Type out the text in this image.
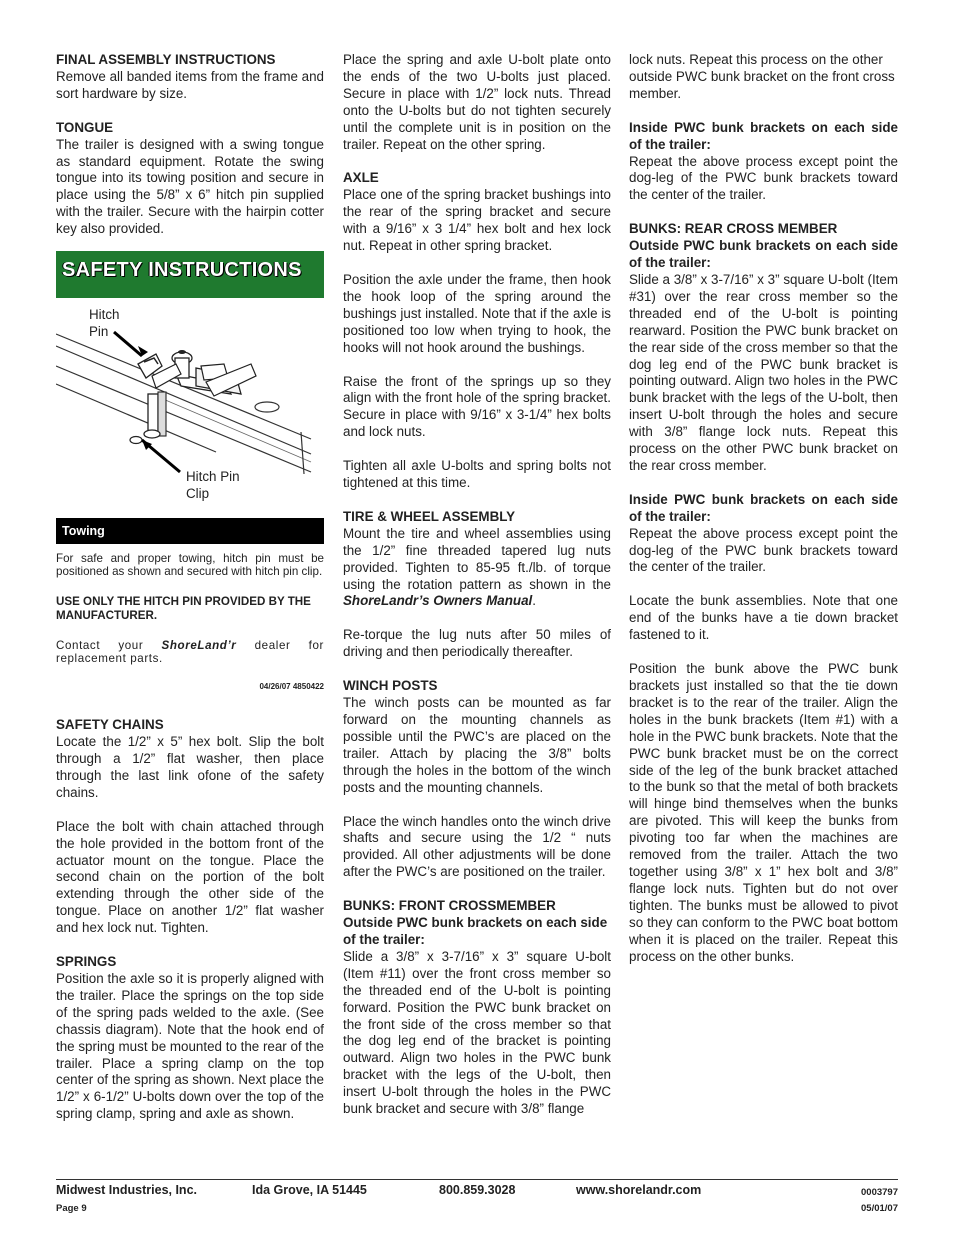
FINAL ASSEMBLY INSTRUCTIONS

Remove all banded items from the frame and sort hardware by size.

TONGUE

The trailer is designed with a swing tongue as standard equipment. Rotate the swing tongue into its towing position and secure in place using the 5/8” x 6” hitch pin supplied with the trailer. Secure with the hairpin cotter key also provided.

SAFETY INSTRUCTIONS
Hitch Pin
Hitch Pin Clip
Towing

For safe and proper towing, hitch pin must be positioned as shown and secured with hitch pin clip.

USE ONLY THE HITCH PIN PROVIDED BY THE MANUFACTURER.

Contact your ShoreLand’r dealer for replacement parts.

04/26/07 4850422
SAFETY CHAINS

Locate the 1/2” x 5” hex bolt. Slip the bolt through a 1/2” flat washer, then place through the last link ofone of the safety chains.

Place the bolt with chain attached through the hole provided in the bottom front of the actuator mount on the tongue. Place the second chain on the portion of the bolt extending through the other side of the tongue. Place on another 1/2” flat washer and hex lock nut. Tighten.

SPRINGS

Position the axle so it is properly aligned with the trailer. Place the springs on the top side of the spring pads welded to the axle. (See chassis diagram). Note that the hook end of the spring must be mounted to the rear of the trailer. Place a spring clamp on the top center of the spring as shown. Next place the 1/2” x 6-1/2” U-bolts down over the top of the spring clamp, spring and axle as shown.

Place the spring and axle U-bolt plate onto the ends of the two U-bolts just placed. Secure in place with 1/2” lock nuts. Thread onto the U-bolts but do not tighten securely until the complete unit is in position on the trailer. Repeat on the other spring.

AXLE

Place one of the spring bracket bushings into the rear of the spring bracket and secure with a 9/16” x 3 1/4” hex bolt and hex lock nut. Repeat in other spring bracket.

Position the axle under the frame, then hook the hook loop of the spring around the bushings just installed. Note that if the axle is positioned too low when trying to hook, the hooks will not hook around the bushings.

Raise the front of the springs up so they align with the front hole of the spring bracket. Secure in place with 9/16” x 3-1/4” hex bolts and lock nuts.

Tighten all axle U-bolts and spring bolts not tightened at this time.

TIRE & WHEEL ASSEMBLY

Mount the tire and wheel assemblies using the 1/2” fine threaded tapered lug nuts provided. Tighten to 85-95 ft./lb. of torque using the rotation pattern as shown in the ShoreLandr’s Owners Manual.

Re-torque the lug nuts after 50 miles of driving and then periodically thereafter.

WINCH POSTS

The winch posts can be mounted as far forward on the mounting channels as possible until the PWC’s are placed on the trailer. Attach by placing the 3/8” bolts through the holes in the bottom of the winch posts and the mounting channels.

Place the winch handles onto the winch drive shafts and secure using the 1/2 “ nuts provided. All other adjustments will be done after the PWC’s are positioned on the trailer.

BUNKS: FRONT CROSSMEMBER

Outside PWC bunk brackets on each side of the trailer:

Slide a 3/8” x 3-7/16” x 3” square U-bolt (Item #11) over the front cross member so the threaded end of the U-bolt is pointing forward. Position the PWC bunk bracket on the front side of the cross member so that the dog leg end of the bracket is pointing outward. Align two holes in the PWC bunk bracket with the legs of the U-bolt, then insert U-bolt through the holes in the PWC bunk bracket and secure with 3/8” flange

lock nuts. Repeat this process on the other outside PWC bunk bracket on the front cross member.

Inside PWC bunk brackets on each side of the trailer:

Repeat the above process except point the dog-leg of the PWC bunk brackets toward the center of the trailer.

BUNKS: REAR CROSS MEMBER

Outside PWC bunk brackets on each side of the trailer:

Slide a 3/8” x 3-7/16” x 3” square U-bolt (Item #31) over the rear cross member so the threaded end of the U-bolt is pointing rearward. Position the PWC bunk bracket on the rear side of the cross member so that the dog leg end of the PWC bunk bracket is pointing outward. Align two holes in the PWC bunk bracket with the legs of the U-bolt, then insert U-bolt through the holes and secure with 3/8” flange lock nuts. Repeat this process on the other PWC bunk bracket on the rear cross member.

Inside PWC bunk brackets on each side of the trailer:

Repeat the above process except point the dog-leg of the PWC bunk brackets toward the center of the trailer.

Locate the bunk assemblies. Note that one end of the bunks have a tie down bracket fastened to it.

Position the bunk above the PWC bunk brackets just installed so that the tie down bracket is to the rear of the trailer. Align the holes in the bunk brackets (Item #1) with a hole in the PWC bunk brackets. Note that the PWC bunk bracket must be on the correct side of the leg of the bunk bracket attached to the bunk so that the metal of both brackets will hinge bind themselves when the bunks are pivoted. This will keep the bunks from pivoting too far when the machines are removed from the trailer. Attach the two together using 3/8” x 1” hex bolt and 3/8” flange lock nuts. Tighten but do not over tighten. The bunks must be allowed to pivot so they can conform to the PWC boat bottom when it is placed on the trailer. Repeat this process on the other bunks.

Midwest Industries, Inc.	Ida Grove, IA 51445	800.859.3028	www.shorelandr.com
Page 9
0003797
05/01/07
